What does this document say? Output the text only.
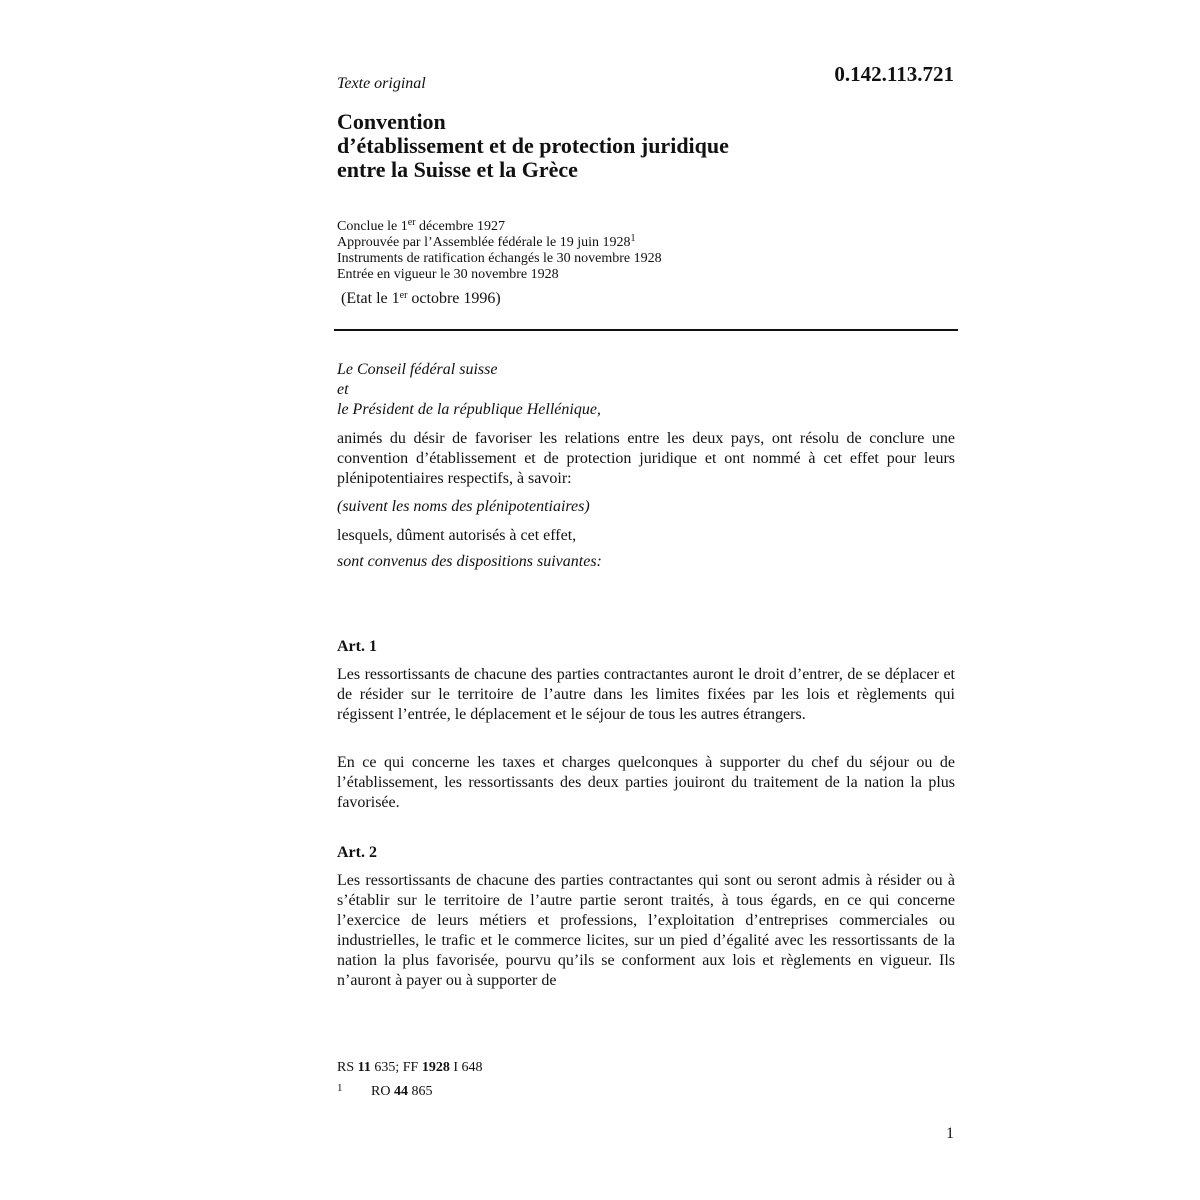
Texte original	0.142.113.721
Convention
d’établissement et de protection juridique
entre la Suisse et la Grèce
Conclue le 1er décembre 1927
Approuvée par l’Assemblée fédérale le 19 juin 1928$^1$
Instruments de ratification échangés le 30 novembre 1928
Entrée en vigueur le 30 novembre 1928
(Etat le 1er octobre 1996)
Le Conseil fédéral suisse
et
le Président de la république Hellénique,
animés du désir de favoriser les relations entre les deux pays, ont résolu de conclure une convention d’établissement et de protection juridique et ont nommé à cet effet pour leurs plénipotentiaires respectifs, à savoir:
(suivent les noms des plénipotentiaires)
lesquels, dûment autorisés à cet effet,
sont convenus des dispositions suivantes:
Art. 1
Les ressortissants de chacune des parties contractantes auront le droit d’entrer, de se déplacer et de résider sur le territoire de l’autre dans les limites fixées par les lois et règlements qui régissent l’entrée, le déplacement et le séjour de tous les autres étrangers.
En ce qui concerne les taxes et charges quelconques à supporter du chef du séjour ou de l’établissement, les ressortissants des deux parties jouiront du traitement de la nation la plus favorisée.
Art. 2
Les ressortissants de chacune des parties contractantes qui sont ou seront admis à résider ou à s’établir sur le territoire de l’autre partie seront traités, à tous égards, en ce qui concerne l’exercice de leurs métiers et professions, l’exploitation d’entreprises commerciales ou industrielles, le trafic et le commerce licites, sur un pied d’égalité avec les ressortissants de la nation la plus favorisée, pourvu qu’ils se conforment aux lois et règlements en vigueur. Ils n’auront à payer ou à supporter de
RS 11 635; FF 1928 I 648
1 RO 44 865
1
